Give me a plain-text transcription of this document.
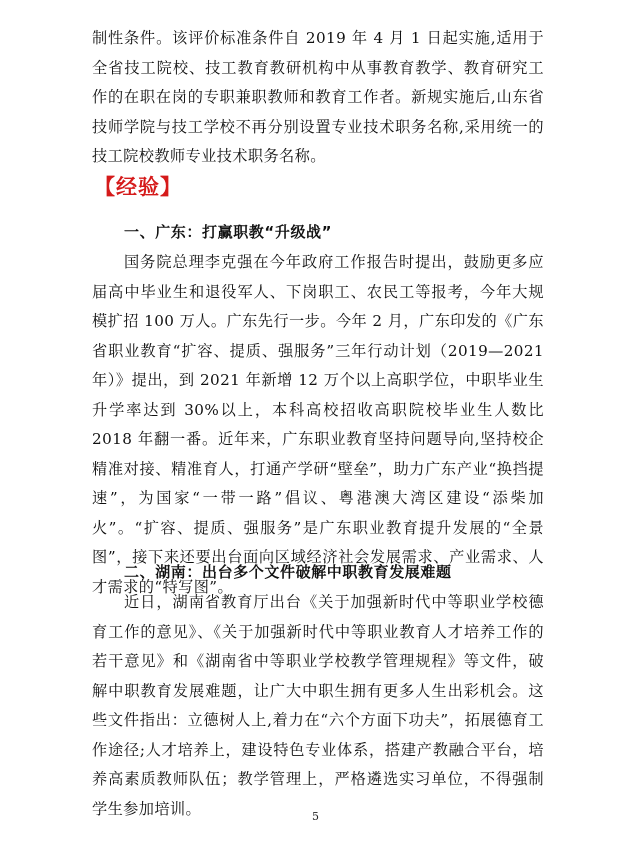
制性条件。该评价标准条件自 2019 年 4 月 1 日起实施,适用于全省技工院校、技工教育教研机构中从事教育教学、教育研究工作的在职在岗的专职兼职教师和教育工作者。新规实施后,山东省技师学院与技工学校不再分别设置专业技术职务名称,采用统一的技工院校教师专业技术职务名称。

【经验】
一、广东：打赢职教“升级战”

国务院总理李克强在今年政府工作报告时提出，鼓励更多应届高中毕业生和退役军人、下岗职工、农民工等报考，今年大规模扩招 100 万人。广东先行一步。今年 2 月，广东印发的《广东省职业教育“扩容、提质、强服务”三年行动计划（2019—2021 年）》提出，到 2021 年新增 12 万个以上高职学位，中职毕业生升学率达到 30%以上，本科高校招收高职院校毕业生人数比 2018 年翻一番。近年来，广东职业教育坚持问题导向,坚持校企精准对接、精准育人，打通产学研“壁垒”，助力广东产业“换挡提速”，为国家“一带一路”倡议、粤港澳大湾区建设“添柴加火”。“扩容、提质、强服务”是广东职业教育提升发展的“全景图”，接下来还要出台面向区域经济社会发展需求、产业需求、人才需求的“特写图”。

二、湖南：出台多个文件破解中职教育发展难题

近日，湖南省教育厅出台《关于加强新时代中等职业学校德育工作的意见》、《关于加强新时代中等职业教育人才培养工作的若干意见》和《湖南省中等职业学校教学管理规程》等文件，破解中职教育发展难题，让广大中职生拥有更多人生出彩机会。这些文件指出：立德树人上,着力在“六个方面下功夫”，拓展德育工作途径;人才培养上，建设特色专业体系，搭建产教融合平台，培养高素质教师队伍；教学管理上，严格遴选实习单位，不得强制学生参加培训。	5
